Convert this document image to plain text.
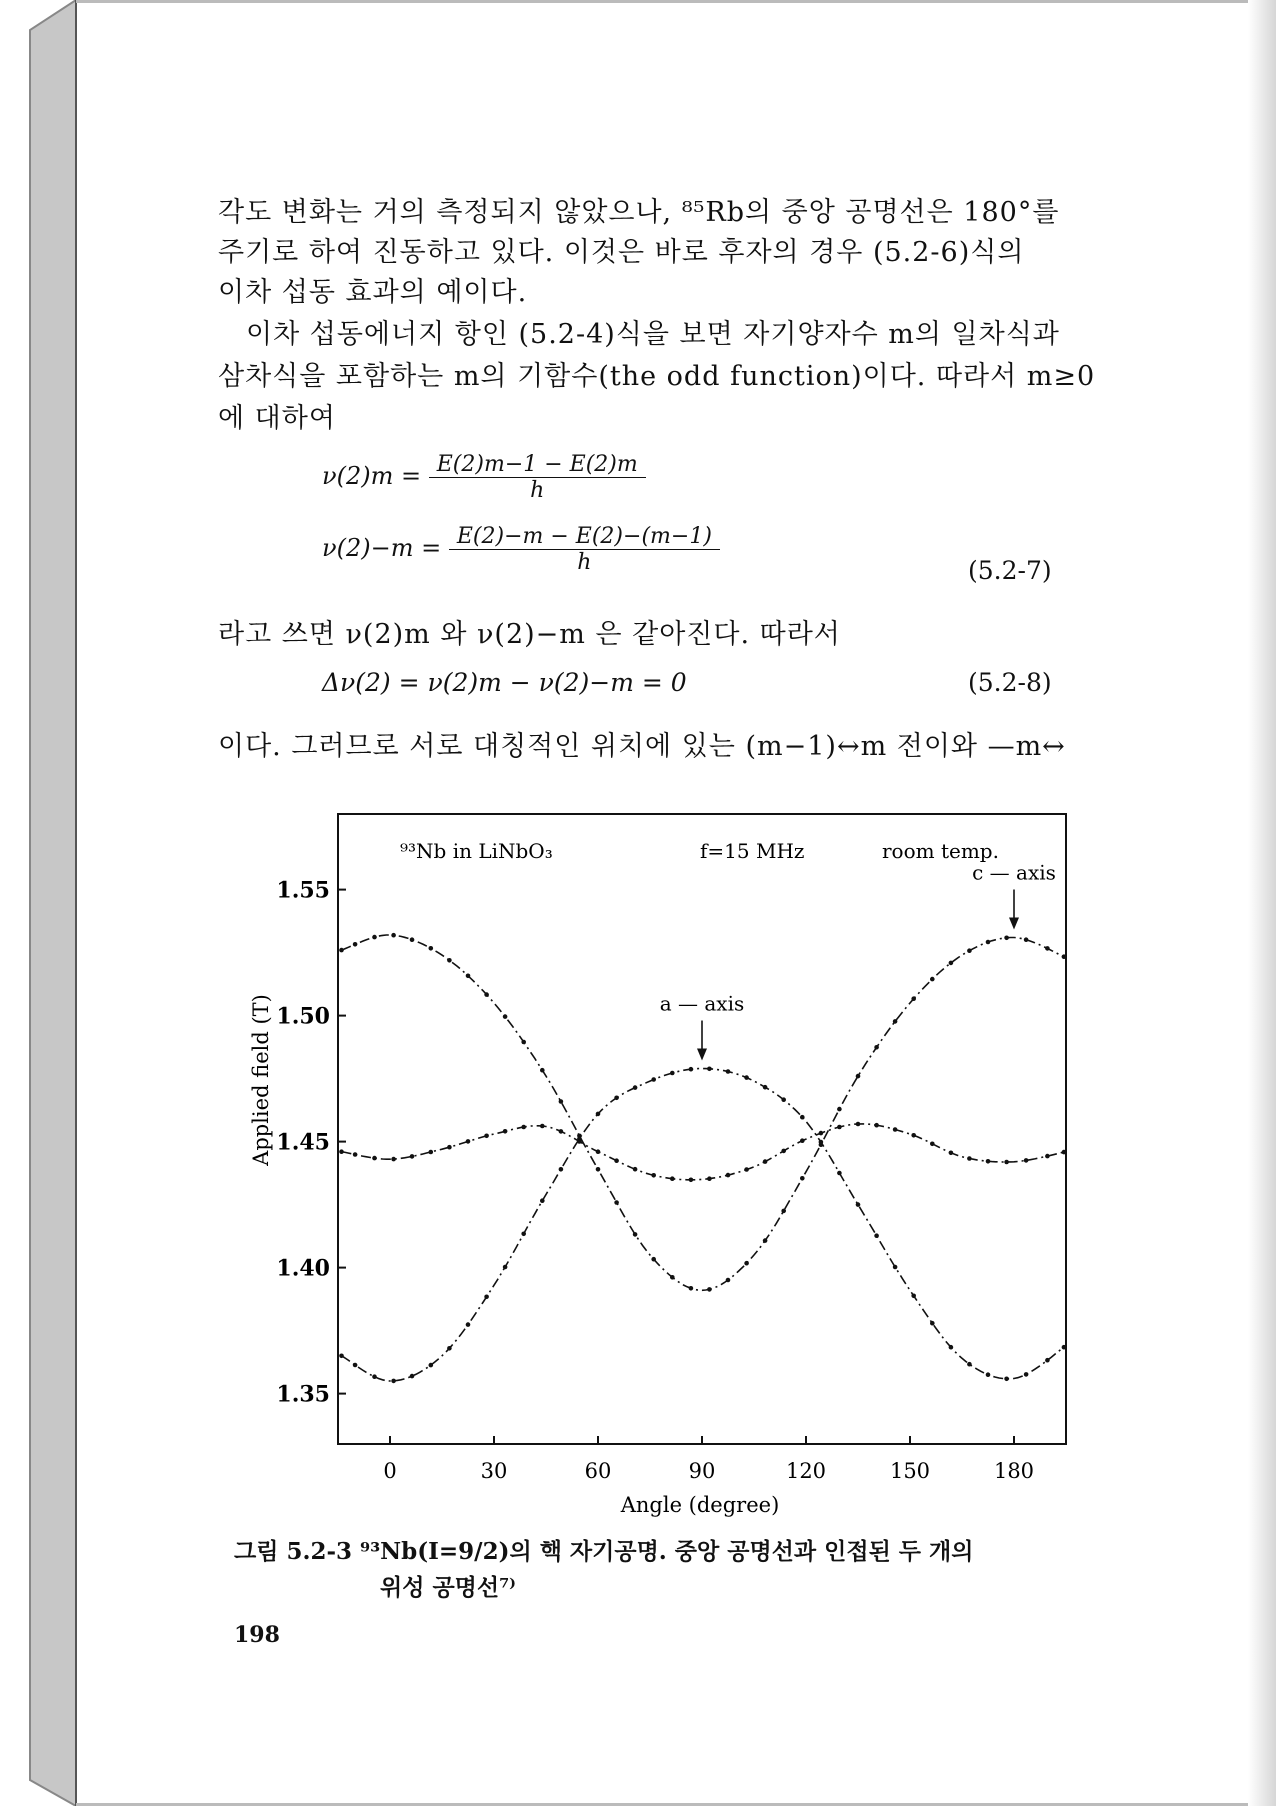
각도 변화는 거의 측정되지 않았으나, ⁸⁵Rb의 중앙 공명선은 180°를
주기로 하여 진동하고 있다. 이것은 바로 후자의 경우 (5.2-6)식의
이차 섭동 효과의 예이다.
이차 섭동에너지 항인 (5.2-4)식을 보면 자기양자수 m의 일차식과
삼차식을 포함하는 m의 기함수(the odd function)이다. 따라서 m≥0
에 대하여
$\nu(2)m = \frac{E(2)m-1 - E(2)m}{h}$
$\nu(2)-m = \frac{E(2)-m - E(2)-(m-1)}{h}$	(5.2-7)
라고 쓰면 ν(2)m 와 ν(2)−m 은 같아진다. 따라서
Δν(2) = ν(2)m − ν(2)−m = 0	(5.2-8)
이다. 그러므로 서로 대칭적인 위치에 있는 (m−1)↔m 전이와 —m↔
0	30	60	90	120	150	180
1.35
1.40
1.45
1.50
1.55
⁹³Nb in LiNbO₃	f=15 MHz	room temp.
Angle (degree)
Applied field (T)	a — axis
c — axis
그림 5.2-3 ⁹³Nb(I=9/2)의 핵 자기공명. 중앙 공명선과 인접된 두 개의
위성 공명선⁷⁾
198
